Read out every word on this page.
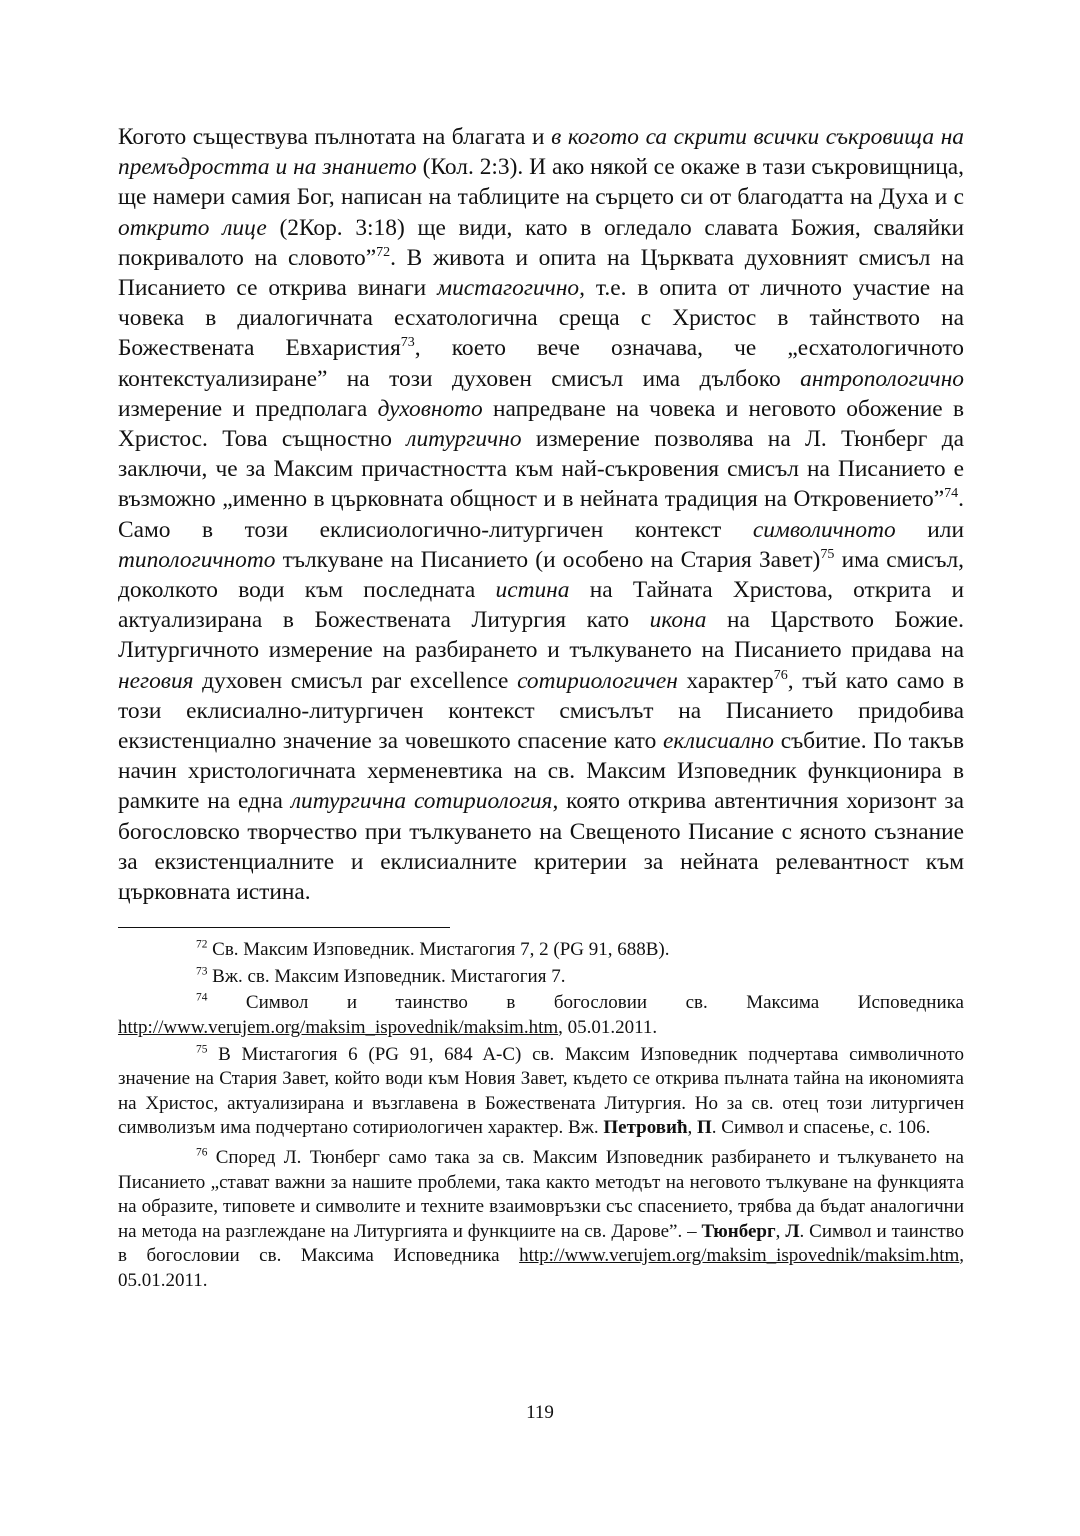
Когото съществува пълнотата на благата и в когото са скрити всички съкровища на премъдростта и на знанието (Кол. 2:3). И ако някой се окаже в тази съкровищница, ще намери самия Бог, написан на таблиците на сърцето си от благодатта на Духа и с открито лице (2Кор. 3:18) ще види, като в огледало славата Божия, сваляйки покривалото на словото”$^{72}$. В живота и опита на Църквата духовният смисъл на Писанието се открива винаги мистагогично, т.е. в опита от личното участие на човека в диалогичната есхатологична среща с Христос в тайнството на Божествената Евхаристия$^{73}$, което вече означава, че „есхатологичното контекстуализиране” на този духовен смисъл има дълбоко антропологично измерение и предполага духовното напредване на човека и неговото обожение в Христос. Това същностно литургично измерение позволява на Л. Тюнберг да заключи, че за Максим причастността към най-съкровения смисъл на Писанието е възможно „именно в църковната общност и в нейната традиция на Откровението”$^{74}$. Само в този еклисиологично-литургичен контекст символичното или типологичното тълкуване на Писанието (и особено на Стария Завет)$^{75}$ има смисъл, доколкото води към последната истина на Тайната Христова, открита и актуализирана в Божествената Литургия като икона на Царството Божие. Литургичното измерение на разбирането и тълкуването на Писанието придава на неговия духовен смисъл par excellence сотириологичен характер$^{76}$, тъй като само в този еклисиално-литургичен контекст смисълът на Писанието придобива екзистенциално значение за човешкото спасение като еклисиално събитие. По такъв начин христологичната херменевтика на св. Максим Изповедник функционира в рамките на една литургична сотириология, която открива автентичния хоризонт за богословско творчество при тълкуването на Свещеното Писание с ясното съзнание за екзистенциалните и еклисиалните критерии за нейната релевантност към църковната истина.

$^{72}$ Св. Максим Изповедник. Мистагогия 7, 2 (PG 91, 688B).

$^{73}$ Вж. св. Максим Изповедник. Мистагогия 7.

$^{74}$ Символ и таинство в богословии св. Максима Исповедника http://www.verujem.org/maksim_ispovednik/maksim.htm, 05.01.2011.

$^{75}$ В Мистагогия 6 (PG 91, 684 A-C) св. Максим Изповедник подчертава символичното значение на Стария Завет, който води към Новия Завет, където се открива пълната тайна на икономията на Христос, актуализирана и възглавена в Божествената Литургия. Но за св. отец този литургичен символизъм има подчертано сотириологичен характер. Вж. Петровић, П. Символ и спасење, с. 106.

$^{76}$ Според Л. Тюнберг само така за св. Максим Изповедник разбирането и тълкуването на Писанието „стават важни за нашите проблеми, така както методът на неговото тълкуване на функцията на образите, типовете и символите и техните взаимовръзки със спасението, трябва да бъдат аналогични на метода на разглеждане на Литургията и функциите на св. Дарове”. – Тюнберг, Л. Символ и таинство в богословии св. Максима Исповедника http://www.verujem.org/maksim_ispovednik/maksim.htm, 05.01.2011.

119
